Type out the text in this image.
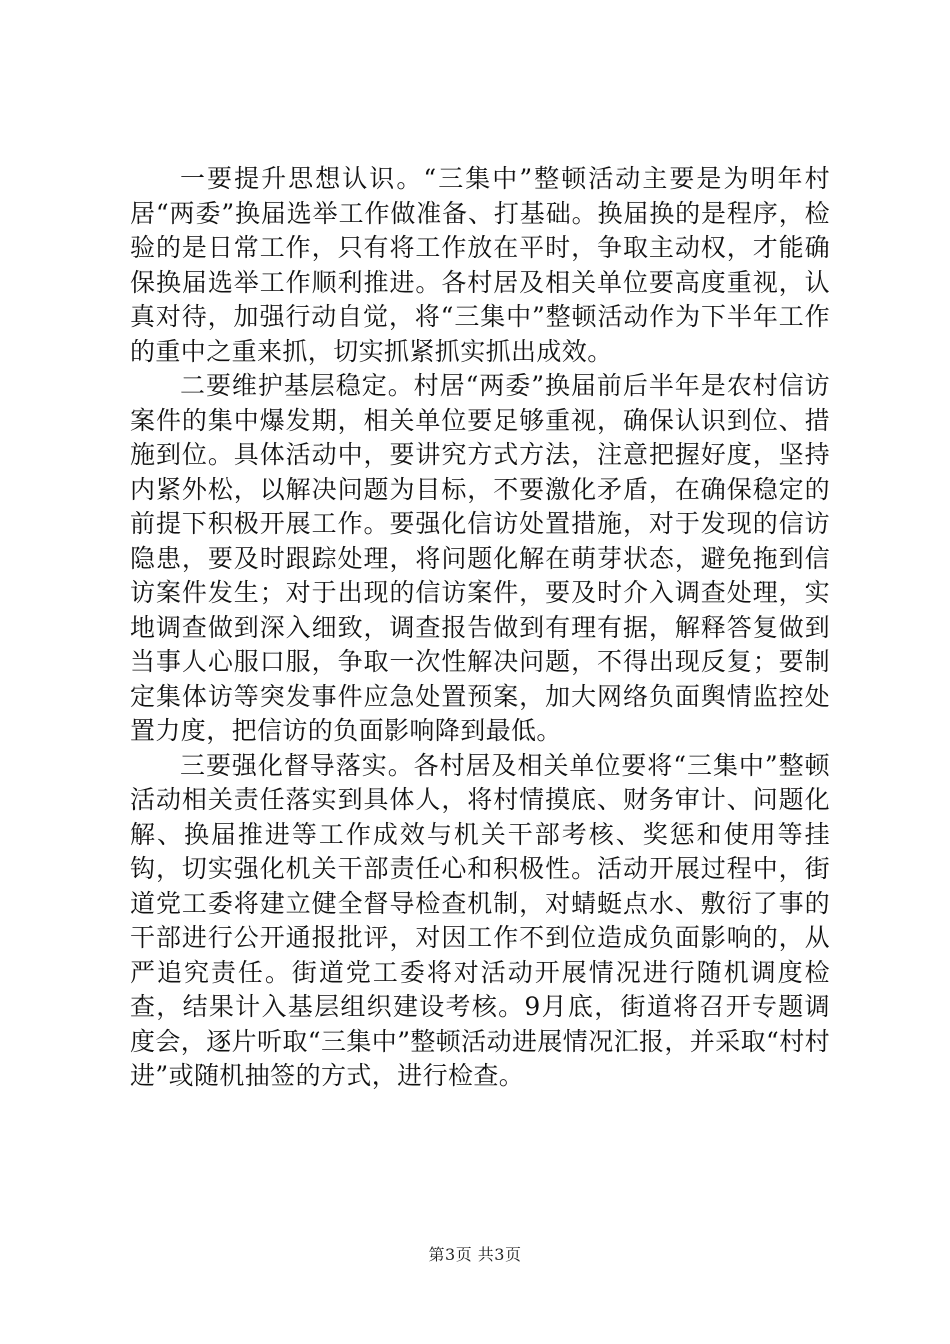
一要提升思想认识。“三集中”整顿活动主要是为明年村居“两委”换届选举工作做准备、打基础。换届换的是程序，检验的是日常工作，只有将工作放在平时，争取主动权，才能确保换届选举工作顺利推进。各村居及相关单位要高度重视，认真对待，加强行动自觉，将“三集中”整顿活动作为下半年工作的重中之重来抓，切实抓紧抓实抓出成效。

二要维护基层稳定。村居“两委”换届前后半年是农村信访案件的集中爆发期，相关单位要足够重视，确保认识到位、措施到位。具体活动中，要讲究方式方法，注意把握好度，坚持内紧外松，以解决问题为目标，不要激化矛盾，在确保稳定的前提下积极开展工作。要强化信访处置措施，对于发现的信访隐患，要及时跟踪处理，将问题化解在萌芽状态，避免拖到信访案件发生；对于出现的信访案件，要及时介入调查处理，实地调查做到深入细致，调查报告做到有理有据，解释答复做到当事人心服口服，争取一次性解决问题，不得出现反复；要制定集体访等突发事件应急处置预案，加大网络负面舆情监控处置力度，把信访的负面影响降到最低。

三要强化督导落实。各村居及相关单位要将“三集中”整顿活动相关责任落实到具体人，将村情摸底、财务审计、问题化解、换届推进等工作成效与机关干部考核、奖惩和使用等挂钩，切实强化机关干部责任心和积极性。活动开展过程中，街道党工委将建立健全督导检查机制，对蜻蜓点水、敷衍了事的干部进行公开通报批评，对因工作不到位造成负面影响的，从严追究责任。街道党工委将对活动开展情况进行随机调度检查，结果计入基层组织建设考核。9月底，街道将召开专题调度会，逐片听取“三集中”整顿活动进展情况汇报，并采取“村村进”或随机抽签的方式，进行检查。

第3页 共3页
